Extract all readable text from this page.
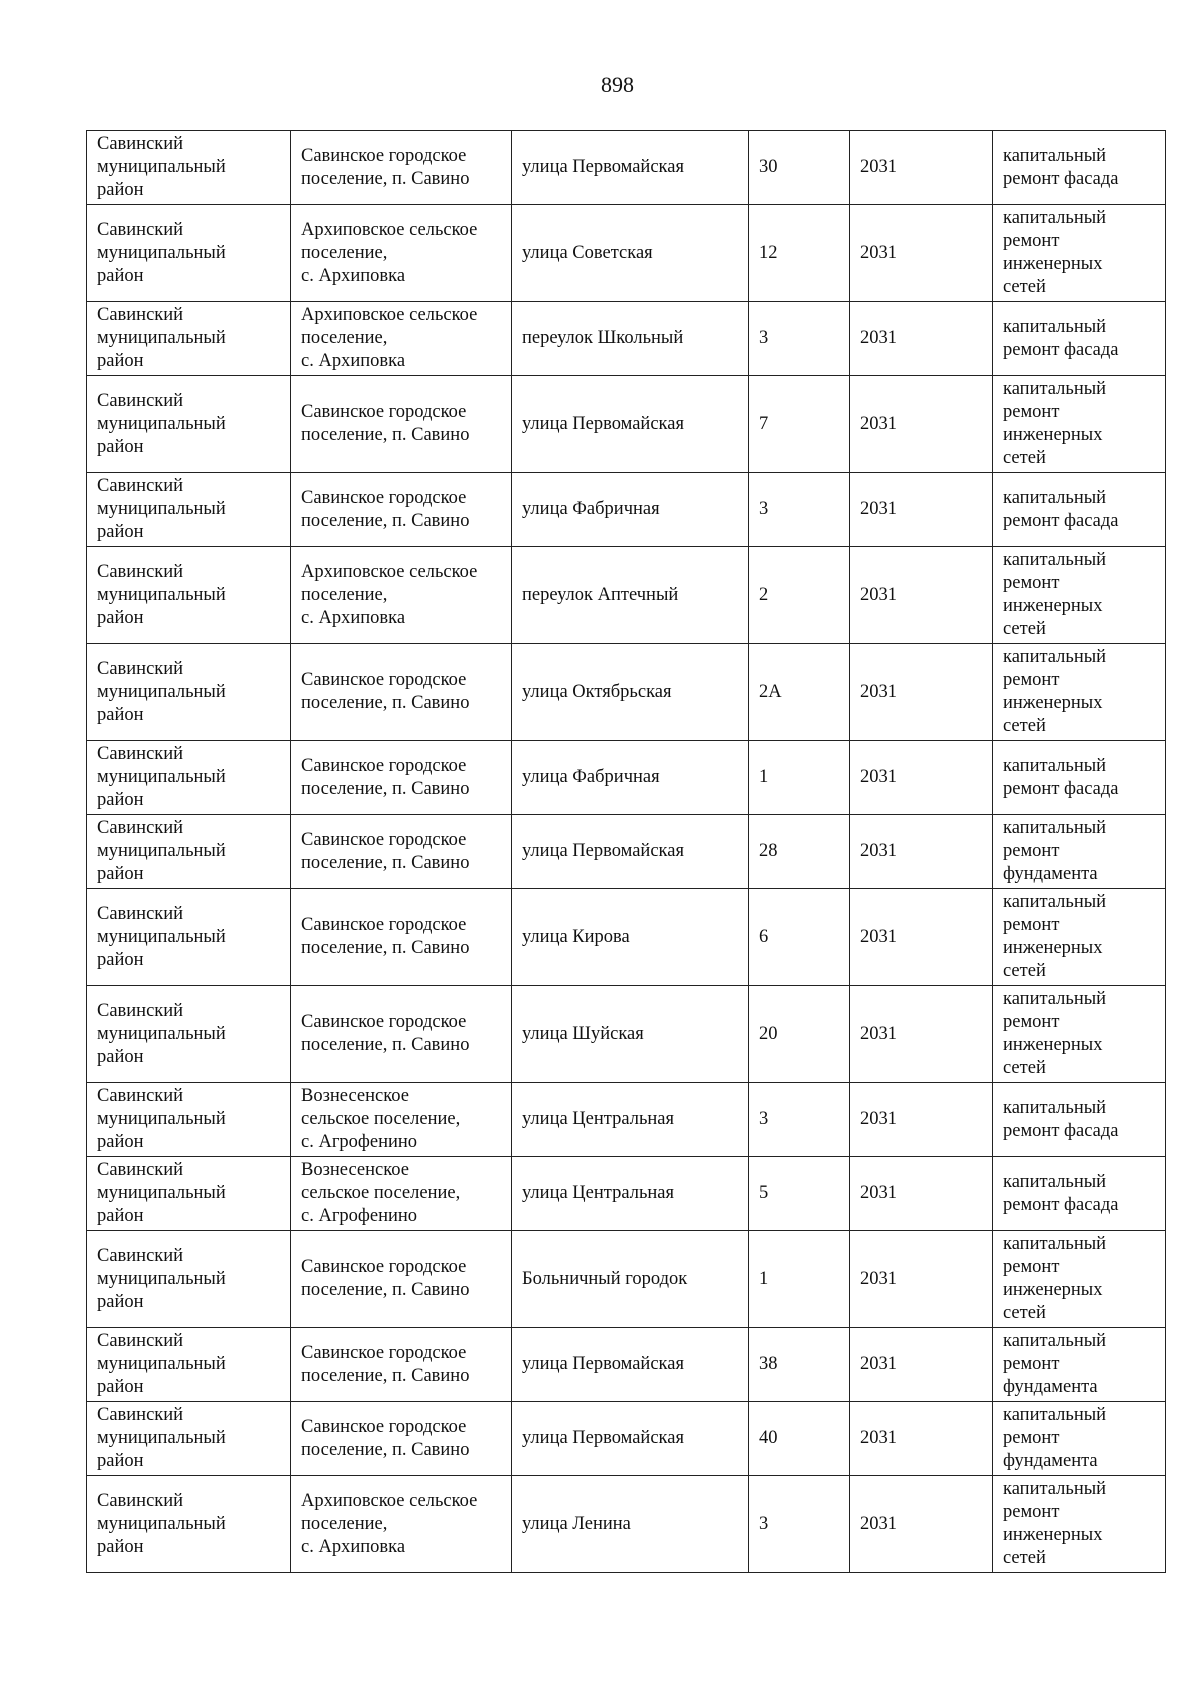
898
Савинский
муниципальный
район	Савинское городское
поселение, п. Савино	улица Первомайская	30	2031	капитальный
ремонт фасада
Савинский
муниципальный
район	Архиповское сельское
поселение,
с. Архиповка	улица Советская	12	2031	капитальный
ремонт
инженерных
сетей
Савинский
муниципальный
район	Архиповское сельское
поселение,
с. Архиповка	переулок Школьный	3	2031	капитальный
ремонт фасада
Савинский
муниципальный
район	Савинское городское
поселение, п. Савино	улица Первомайская	7	2031	капитальный
ремонт
инженерных
сетей
Савинский
муниципальный
район	Савинское городское
поселение, п. Савино	улица Фабричная	3	2031	капитальный
ремонт фасада
Савинский
муниципальный
район	Архиповское сельское
поселение,
с. Архиповка	переулок Аптечный	2	2031	капитальный
ремонт
инженерных
сетей
Савинский
муниципальный
район	Савинское городское
поселение, п. Савино	улица Октябрьская	2А	2031	капитальный
ремонт
инженерных
сетей
Савинский
муниципальный
район	Савинское городское
поселение, п. Савино	улица Фабричная	1	2031	капитальный
ремонт фасада
Савинский
муниципальный
район	Савинское городское
поселение, п. Савино	улица Первомайская	28	2031	капитальный
ремонт
фундамента
Савинский
муниципальный
район	Савинское городское
поселение, п. Савино	улица Кирова	6	2031	капитальный
ремонт
инженерных
сетей
Савинский
муниципальный
район	Савинское городское
поселение, п. Савино	улица Шуйская	20	2031	капитальный
ремонт
инженерных
сетей
Савинский
муниципальный
район	Вознесенское
сельское поселение,
с. Агрофенино	улица Центральная	3	2031	капитальный
ремонт фасада
Савинский
муниципальный
район	Вознесенское
сельское поселение,
с. Агрофенино	улица Центральная	5	2031	капитальный
ремонт фасада
Савинский
муниципальный
район	Савинское городское
поселение, п. Савино	Больничный городок	1	2031	капитальный
ремонт
инженерных
сетей
Савинский
муниципальный
район	Савинское городское
поселение, п. Савино	улица Первомайская	38	2031	капитальный
ремонт
фундамента
Савинский
муниципальный
район	Савинское городское
поселение, п. Савино	улица Первомайская	40	2031	капитальный
ремонт
фундамента
Савинский
муниципальный
район	Архиповское сельское
поселение,
с. Архиповка	улица Ленина	3	2031	капитальный
ремонт
инженерных
сетей
